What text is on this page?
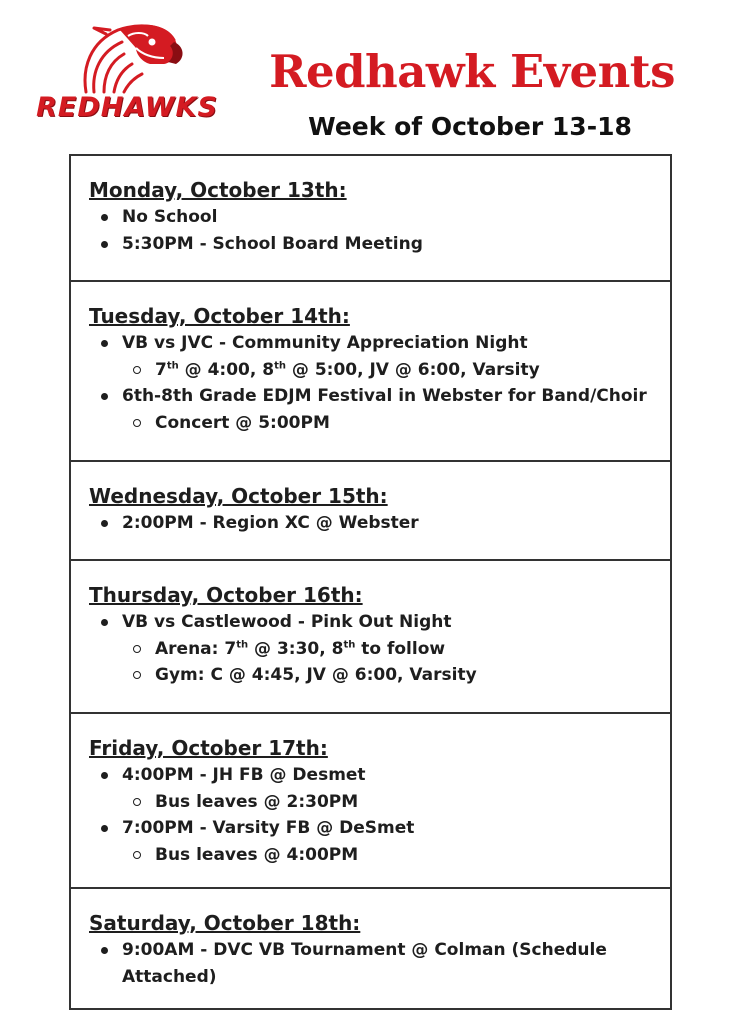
REDHAWKS
Redhawk Events
Week of October 13-18
Monday, October 13th:
No School
5:30PM - School Board Meeting
Tuesday, October 14th:
VB vs JVC - Community Appreciation Night
7th @ 4:00, 8th @ 5:00, JV @ 6:00, Varsity
6th-8th Grade EDJM Festival in Webster for Band/Choir
Concert @ 5:00PM
Wednesday, October 15th:
2:00PM - Region XC @ Webster
Thursday, October 16th:
VB vs Castlewood - Pink Out Night
Arena: 7th @ 3:30, 8th to follow
Gym: C @ 4:45, JV @ 6:00, Varsity
Friday, October 17th:
4:00PM - JH FB @ Desmet
Bus leaves @ 2:30PM
7:00PM - Varsity FB @ DeSmet
Bus leaves @ 4:00PM
Saturday, October 18th:
9:00AM - DVC VB Tournament @ Colman (Schedule Attached)
